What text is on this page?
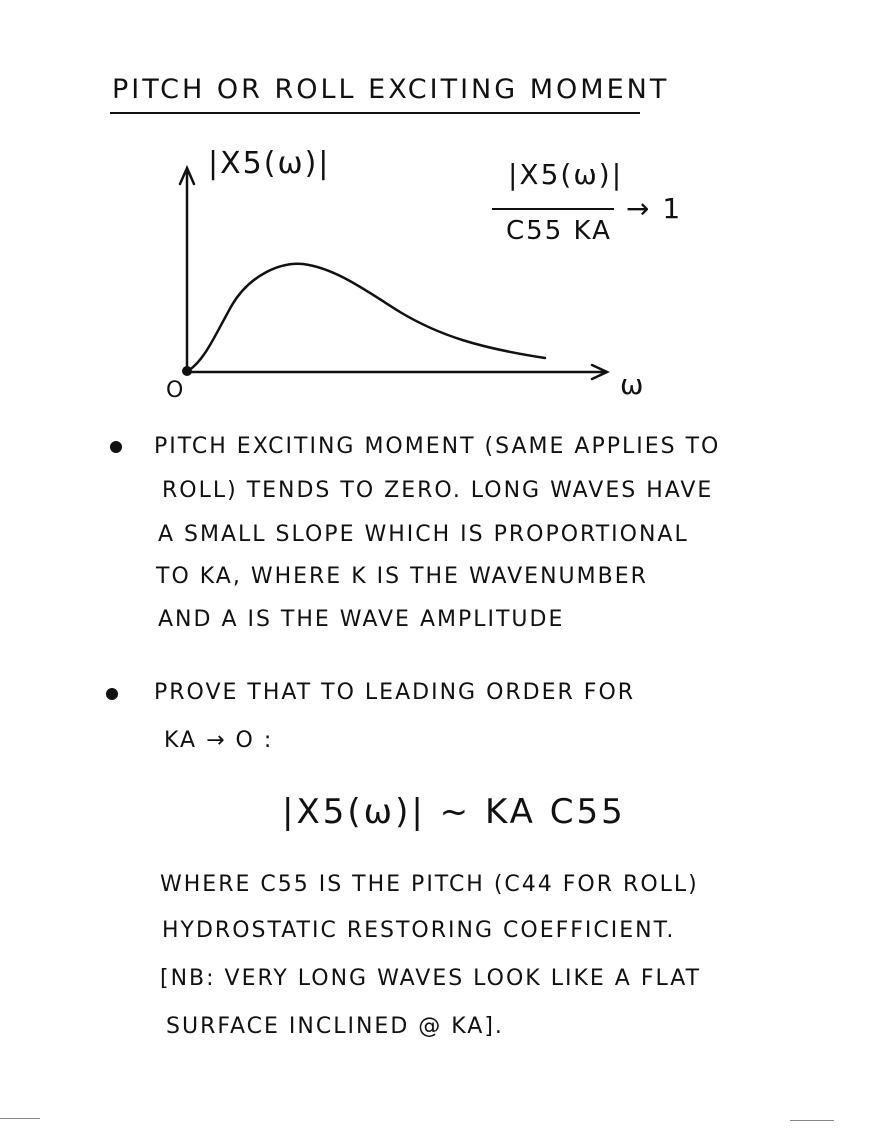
PITCH OR ROLL EXCITING MOMENT
|X5(ω)|	|X5(ω)|
C55 KA
→ 1
O	ω
PITCH EXCITING MOMENT (SAME APPLIES TO
ROLL) TENDS TO ZERO. LONG WAVES HAVE
A SMALL SLOPE WHICH IS PROPORTIONAL
TO KA, WHERE K IS THE WAVENUMBER
AND A IS THE WAVE AMPLITUDE
PROVE THAT TO LEADING ORDER FOR
KA → O :
|X5(ω)| ~ KA C55
WHERE C55 IS THE PITCH (C44 FOR ROLL)
HYDROSTATIC RESTORING COEFFICIENT.
[NB: VERY LONG WAVES LOOK LIKE A FLAT
SURFACE INCLINED @ KA].
